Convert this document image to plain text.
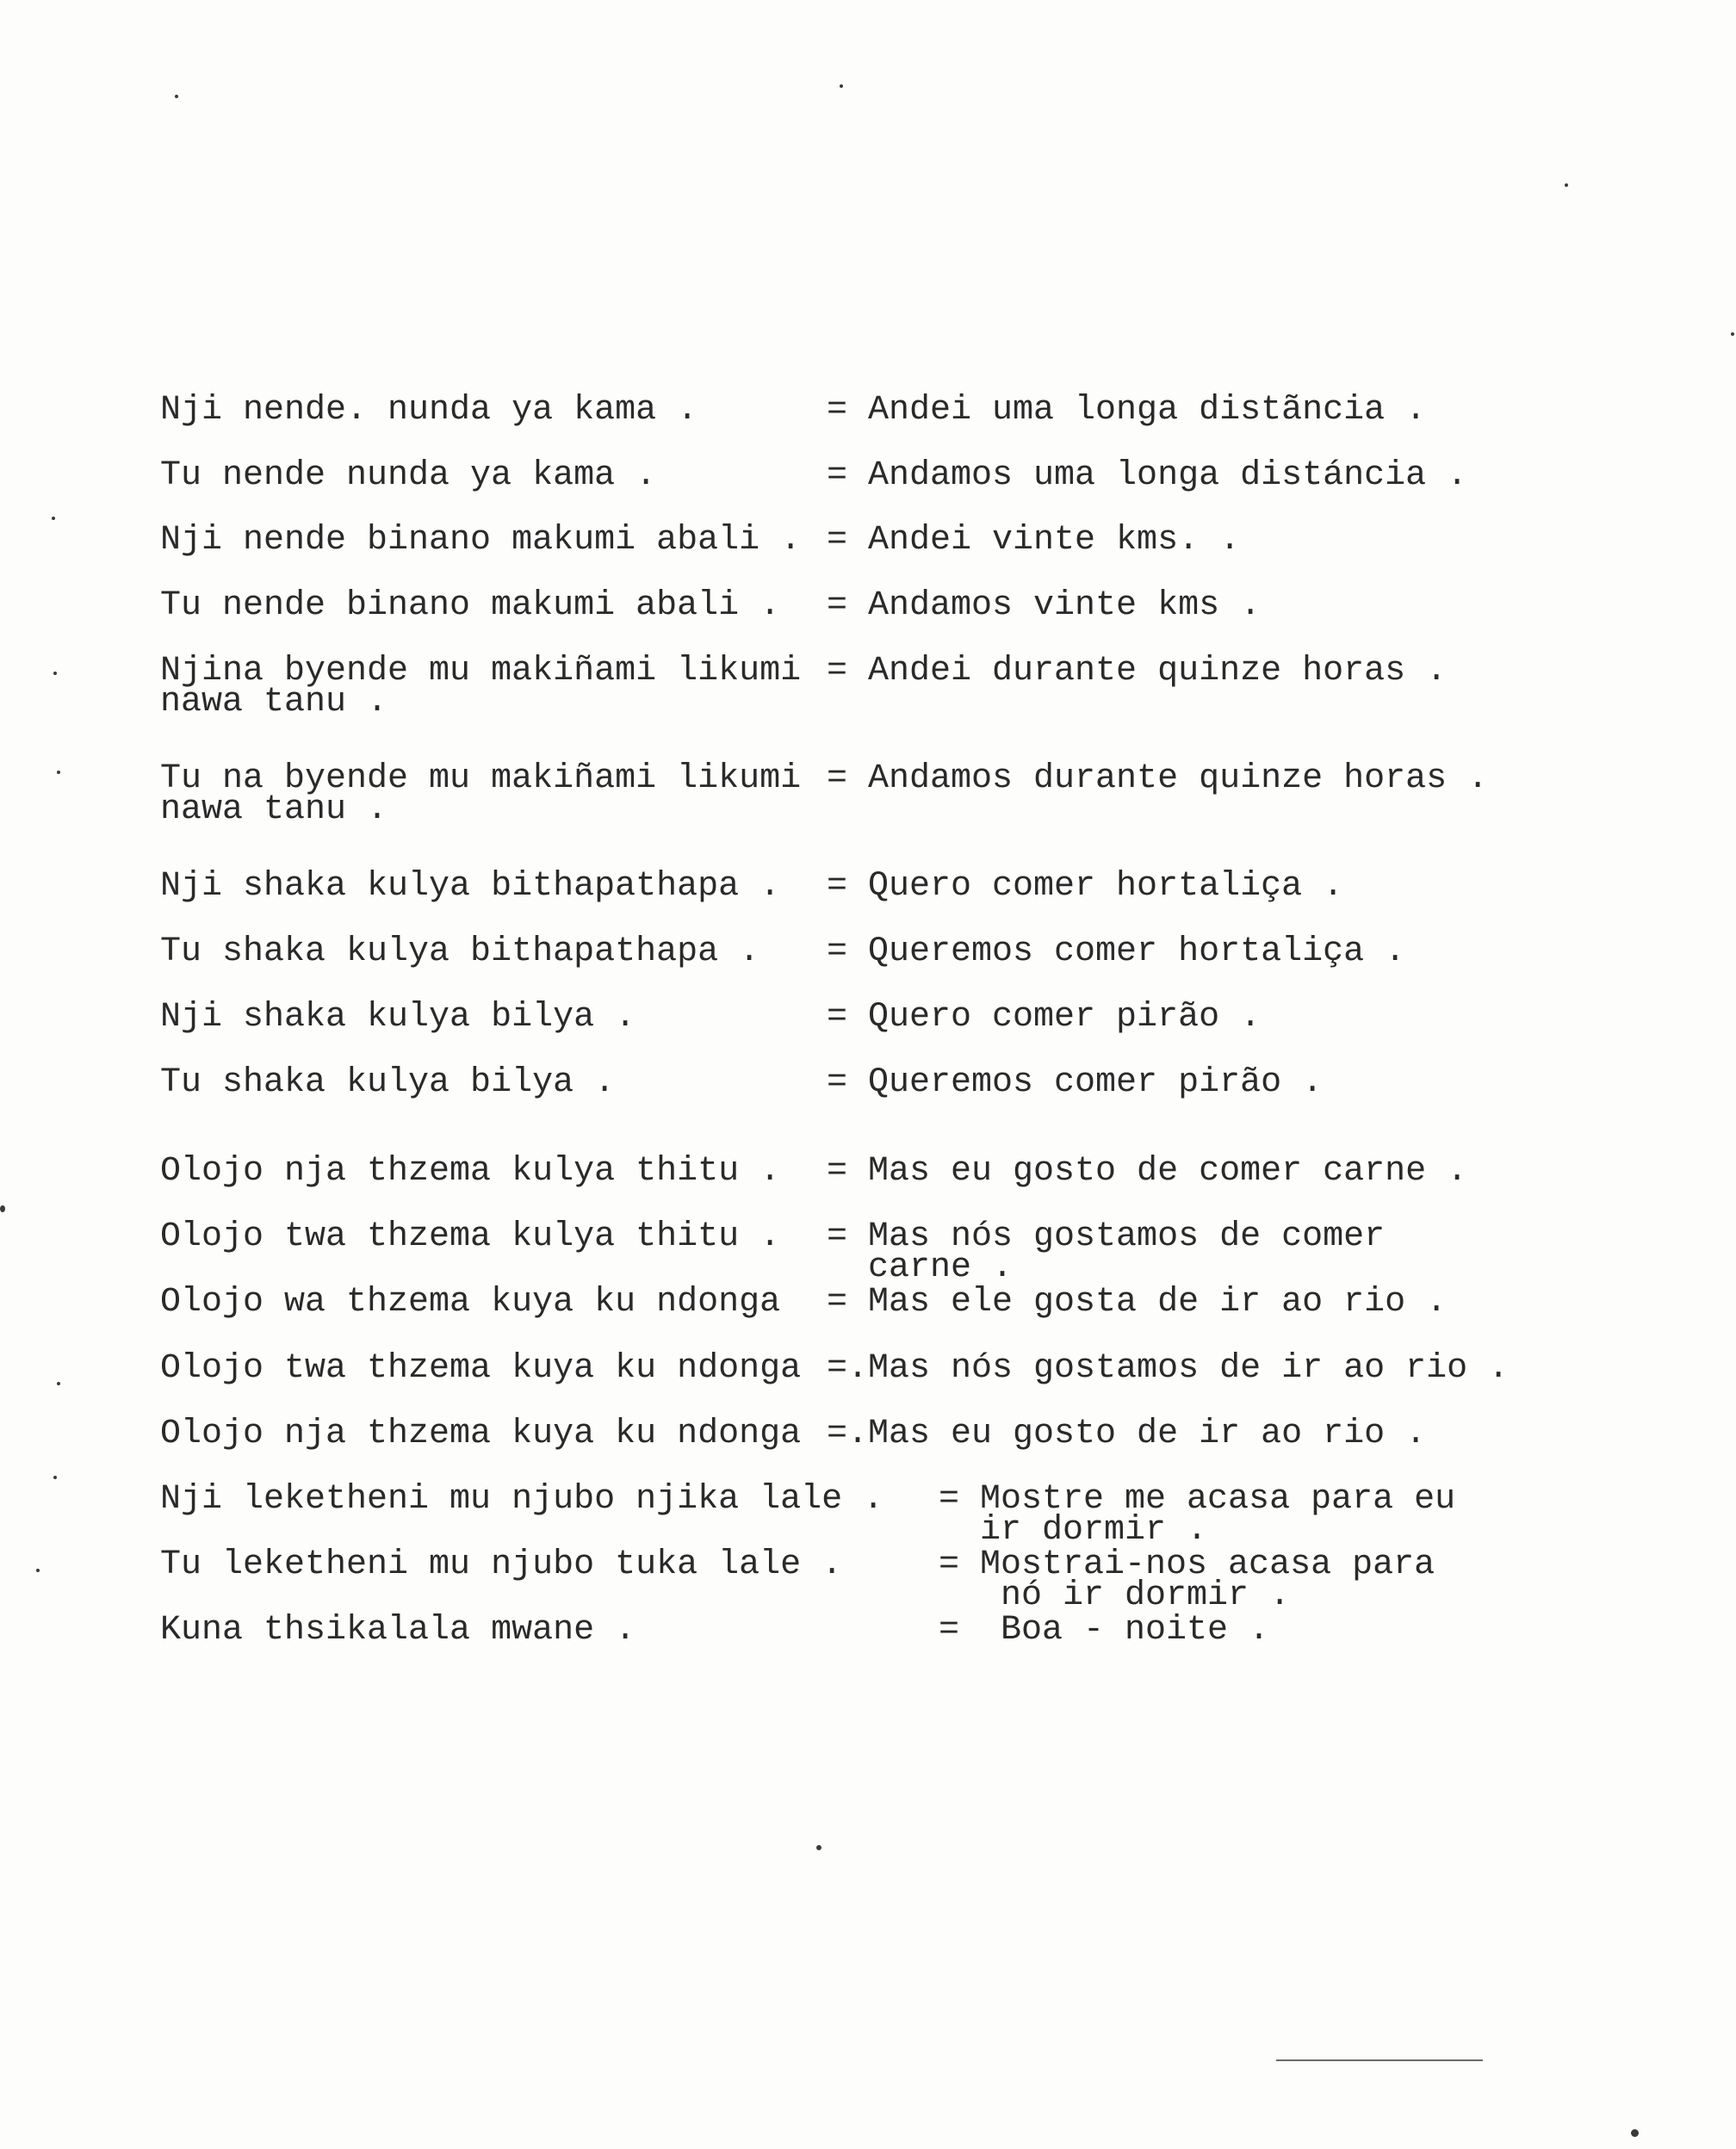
Nji nende. nunda ya kama .	= Andei uma longa distãncia .
Tu nende nunda ya kama .	= Andamos uma longa distáncia .
Nji nende binano makumi abali . = Andei vinte kms. .
Tu nende binano makumi abali . = Andamos vinte kms .
Njina byende mu makiñami likumi
nawa tanu .
= Andei durante quinze horas .
Tu na byende mu makiñami likumi
nawa tanu .
= Andamos durante quinze horas .
Nji shaka kulya bithapathapa . = Quero comer hortaliça .
Tu shaka kulya bithapathapa . = Queremos comer hortaliça .
Nji shaka kulya bilya .	= Quero comer pirão .
Tu shaka kulya bilya .	= Queremos comer pirão .
Olojo nja thzema kulya thitu . = Mas eu gosto de comer carne .
Olojo twa thzema kulya thitu . = Mas nós gostamos de comer
carne .
Olojo wa thzema kuya ku ndonga = Mas ele gosta de ir ao rio .
Olojo twa thzema kuya ku ndonga =.Mas nós gostamos de ir ao rio .
Olojo nja thzema kuya ku ndonga =.Mas eu gosto de ir ao rio .
Nji leketheni mu njubo njika lale . = Mostre me acasa para eu
ir dormir .
Tu leketheni mu njubo tuka lale .	= Mostrai-nos acasa para
nó ir dormir .
Kuna thsikalala mwane .	=  Boa - noite .
